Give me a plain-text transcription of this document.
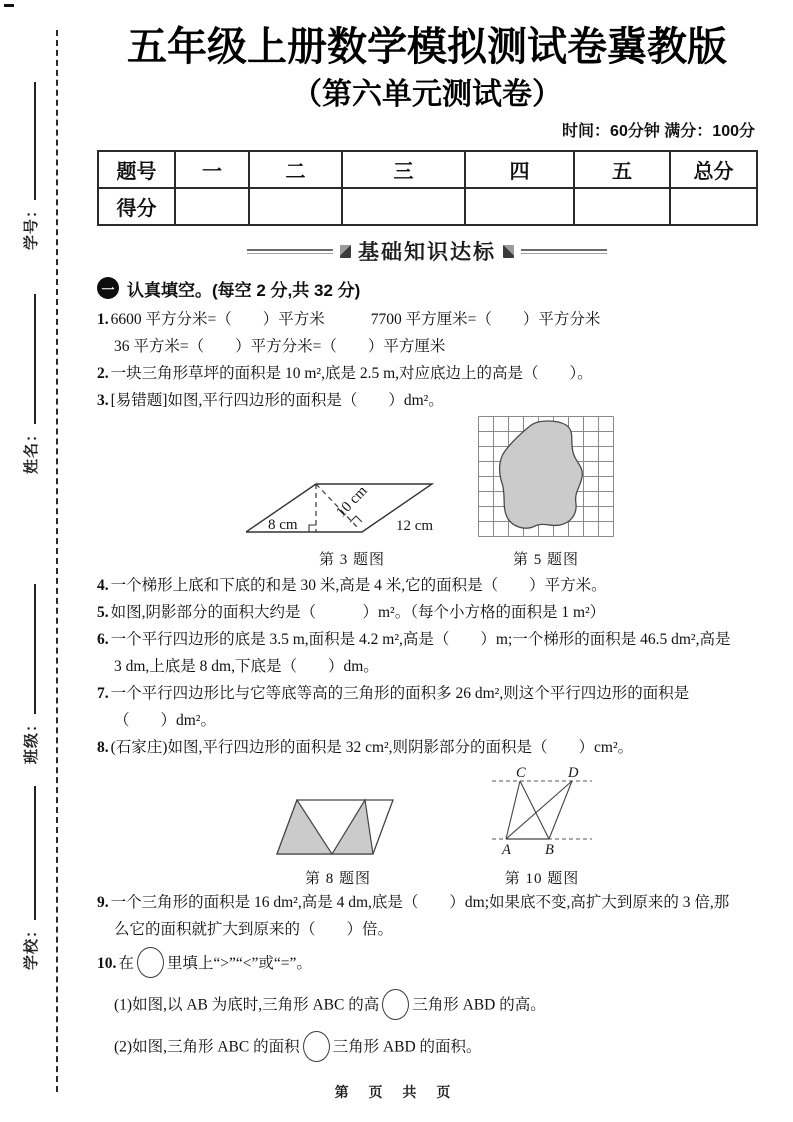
学号：
姓名：
班级：
学校：
五年级上册数学模拟测试卷冀教版
（第六单元测试卷）
时间：60分钟 满分：100分
题号	一	二	三	四	五	总分
得分						
基础知识达标
一 认真填空。(每空 2 分,共 32 分)
1. 6600 平方分米=（　　）平方米	7700 平方厘米=（　　）平方分米
36 平方米=（　　）平方分米=（　　）平方厘米
2. 一块三角形草坪的面积是 10 m²,底是 2.5 m,对应底边上的高是（　　）。
3. [易错题]如图,平行四边形的面积是（　　）dm²。
8 cm
10 cm
12 cm
第 3 题图	第 5 题图
4. 一个梯形上底和下底的和是 30 米,高是 4 米,它的面积是（　　）平方米。
5. 如图,阴影部分的面积大约是（　　　）m²。（每个小方格的面积是 1 m²）
6. 一个平行四边形的底是 3.5 m,面积是 4.2 m²,高是（　　）m;一个梯形的面积是 46.5 dm²,高是
3 dm,上底是 8 dm,下底是（　　）dm。
7. 一个平行四边形比与它等底等高的三角形的面积多 26 dm²,则这个平行四边形的面积是
（　　）dm²。
8. (石家庄)如图,平行四边形的面积是 32 cm²,则阴影部分的面积是（　　）cm²。
第 8 题图
C	D
A B
第 10 题图
9. 一个三角形的面积是 16 dm²,高是 4 dm,底是（　　）dm;如果底不变,高扩大到原来的 3 倍,那
么它的面积就扩大到原来的（　　）倍。
10. 在 里填上“>”“<”或“=”。
(1)如图,以 AB 为底时,三角形 ABC 的高 三角形 ABD 的高。
(2)如图,三角形 ABC 的面积 三角形 ABD 的面积。
第 页 共 页
